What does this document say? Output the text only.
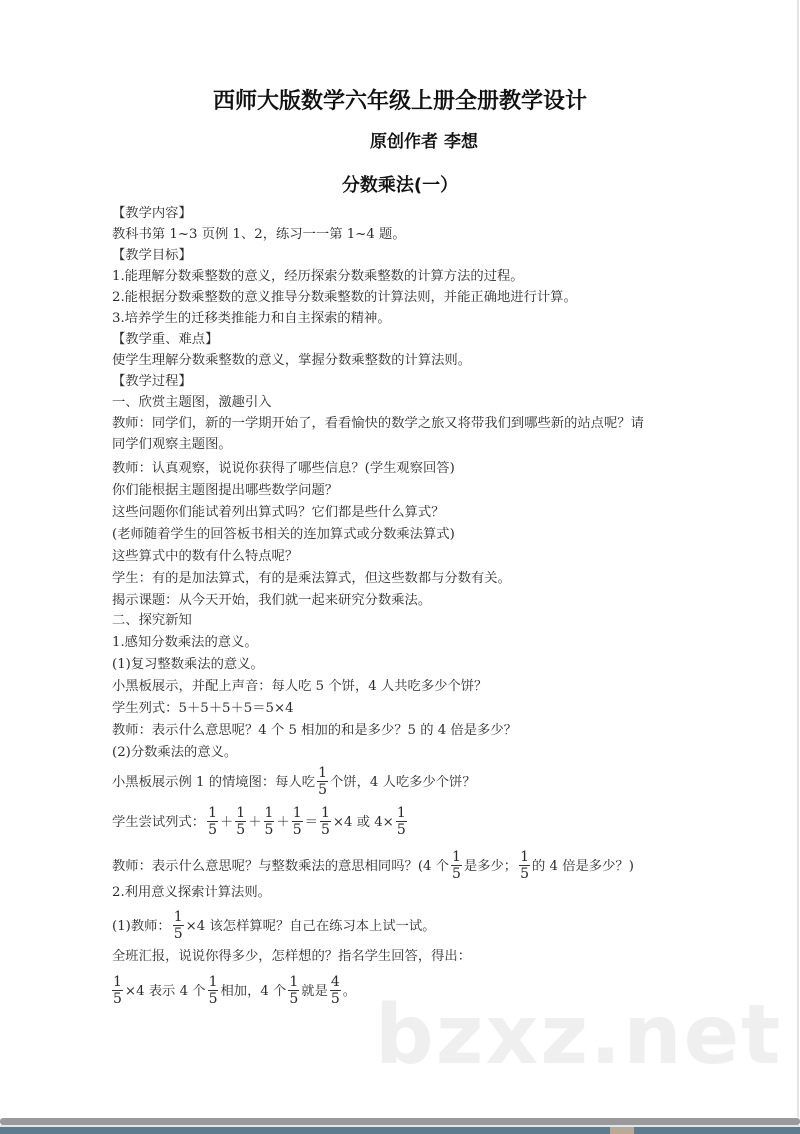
西师大版数学六年级上册全册教学设计
原创作者 李想
分数乘法(一）
【教学内容】
教科书第 1~3 页例 1、2，练习一一第 1~4 题。
【教学目标】
1.能理解分数乘整数的意义，经历探索分数乘整数的计算方法的过程。
2.能根据分数乘整数的意义推导分数乘整数的计算法则，并能正确地进行计算。
3.培养学生的迁移类推能力和自主探索的精神。
【教学重、难点】
使学生理解分数乘整数的意义，掌握分数乘整数的计算法则。
【教学过程】
一、欣赏主题图，激趣引入
教师：同学们，新的一学期开始了，看看愉快的数学之旅又将带我们到哪些新的站点呢？请
同学们观察主题图。
教师：认真观察，说说你获得了哪些信息？(学生观察回答)
你们能根据主题图提出哪些数学问题？
这些问题你们能试着列出算式吗？它们都是些什么算式？
(老师随着学生的回答板书相关的连加算式或分数乘法算式)
这些算式中的数有什么特点呢？
学生：有的是加法算式，有的是乘法算式，但这些数都与分数有关。
揭示课题：从今天开始，我们就一起来研究分数乘法。
二、探究新知
1.感知分数乘法的意义。
(1)复习整数乘法的意义。
小黑板展示，并配上声音：每人吃 5 个饼，4 人共吃多少个饼？
学生列式：5＋5＋5＋5＝5×4
教师：表示什么意思呢？4 个 5 相加的和是多少？5 的 4 倍是多少？
(2)分数乘法的意义。
小黑板展示例 1 的情境图：每人吃 $\frac{1}{5}$ 个饼，4 人吃多少个饼？
学生尝试列式： $\frac{1}{5} + \frac{1}{5} + \frac{1}{5} + \frac{1}{5} = \frac{1}{5} \times 4$ 或 $4\times \frac{1}{5}$
教师：表示什么意思呢？与整数乘法的意思相同吗？(4 个 $\frac{1}{5}$ 是多少； $\frac{1}{5}$ 的 4 倍是多少？)
2.利用意义探索计算法则。
(1)教师： $\frac{1}{5} \times 4$ 该怎样算呢？自己在练习本上试一试。
全班汇报，说说你得多少，怎样想的？指名学生回答，得出：
$\frac{1}{5} \times 4$ 表示 4 个 $\frac{1}{5}$ 相加，4 个 $\frac{1}{5}$ 就是 $\frac{4}{5}$ 。 bzxz.net
